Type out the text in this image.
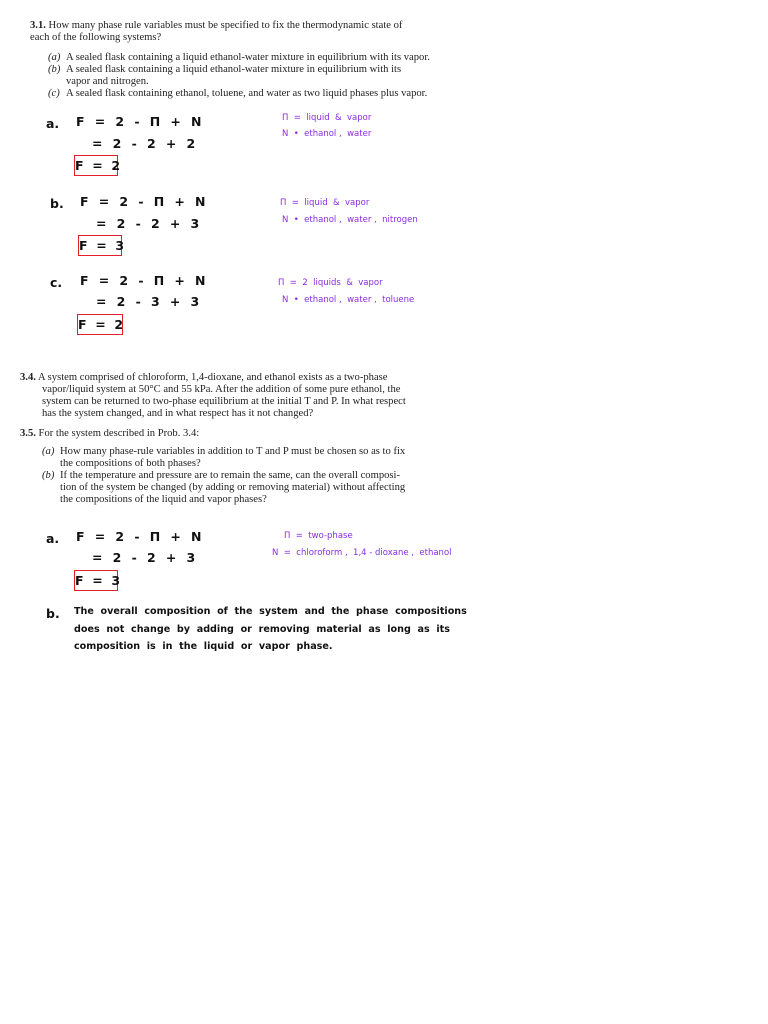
3.1. How many phase rule variables must be specified to fix the thermodynamic state of
each of the following systems?
(a) A sealed flask containing a liquid ethanol-water mixture in equilibrium with its vapor.
(b) A sealed flask containing a liquid ethanol-water mixture in equilibrium with its
vapor and nitrogen.
(c) A sealed flask containing ethanol, toluene, and water as two liquid phases plus vapor.
a. F  =  2  -  Π  +  N
=  2  -  2  +  2
F  =  2
Π  =  liquid  &  vapor
N  •  ethanol ,  water
b. F  =  2  -  Π  +  N
=  2  -  2  +  3
F  =  3
Π  =  liquid  &  vapor
N  •  ethanol ,  water ,  nitrogen
c. F  =  2  -  Π  +  N
=  2  -  3  +  3
F  =  2
Π  =  2  liquids  &  vapor
N  •  ethanol ,  water ,  toluene
3.4. A system comprised of chloroform, 1,4-dioxane, and ethanol exists as a two-phase
vapor/liquid system at 50°C and 55 kPa. After the addition of some pure ethanol, the
system can be returned to two-phase equilibrium at the initial T and P. In what respect
has the system changed, and in what respect has it not changed?
3.5. For the system described in Prob. 3.4:
(a) How many phase-rule variables in addition to T and P must be chosen so as to fix
the compositions of both phases?
(b) If the temperature and pressure are to remain the same, can the overall composi-
tion of the system be changed (by adding or removing material) without affecting
the compositions of the liquid and vapor phases?
a. F  =  2  -  Π  +  N
=  2  -  2  +  3
F  =  3
Π  =  two-phase
N  =  chloroform ,  1,4 - dioxane ,  ethanol
b. The  overall  composition  of  the  system  and  the  phase  compositions
does  not  change  by  adding  or  removing  material  as  long  as  its
composition  is  in  the  liquid  or  vapor  phase.
